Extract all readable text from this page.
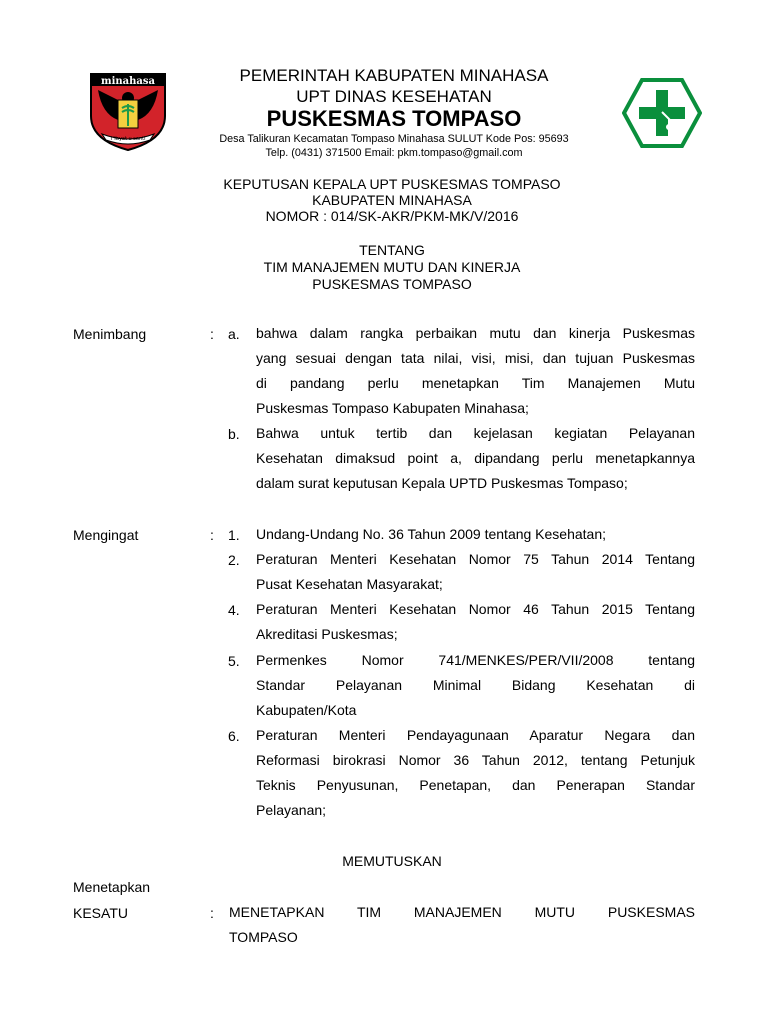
minahasa
I Yayat u santi
PEMERINTAH KABUPATEN MINAHASA
UPT DINAS KESEHATAN
PUSKESMAS TOMPASO
Desa Talikuran Kecamatan Tompaso Minahasa SULUT Kode Pos: 95693
Telp. (0431) 371500 Email: pkm.tompaso@gmail.com
KEPUTUSAN KEPALA UPT PUSKESMAS TOMPASO
KABUPATEN MINAHASA
NOMOR : 014/SK-AKR/PKM-MK/V/2016
TENTANG
TIM MANAJEMEN MUTU DAN KINERJA
PUSKESMAS TOMPASO
Menimbang	: a. bahwa dalam rangka perbaikan mutu dan kinerja Puskesmas
yang sesuai dengan tata nilai, visi, misi, dan tujuan Puskesmas
di pandang perlu menetapkan Tim Manajemen Mutu
Puskesmas Tompaso Kabupaten Minahasa;
b. Bahwa untuk tertib dan kejelasan kegiatan Pelayanan
Kesehatan dimaksud point a, dipandang perlu menetapkannya
dalam surat keputusan Kepala UPTD Puskesmas Tompaso;
Mengingat	: 1. Undang-Undang No. 36 Tahun 2009 tentang Kesehatan;
2. Peraturan Menteri Kesehatan Nomor 75 Tahun 2014 Tentang
Pusat Kesehatan Masyarakat;
4. Peraturan Menteri Kesehatan Nomor 46 Tahun 2015 Tentang
Akreditasi Puskesmas;
5. Permenkes Nomor 741/MENKES/PER/VII/2008 tentang
Standar Pelayanan Minimal Bidang Kesehatan di
Kabupaten/Kota
6. Peraturan Menteri Pendayagunaan Aparatur Negara dan
Reformasi birokrasi Nomor 36 Tahun 2012, tentang Petunjuk
Teknis Penyusunan, Penetapan, dan Penerapan Standar
Pelayanan;
MEMUTUSKAN
Menetapkan
KESATU	: MENETAPKAN TIM MANAJEMEN MUTU PUSKESMAS
TOMPASO
